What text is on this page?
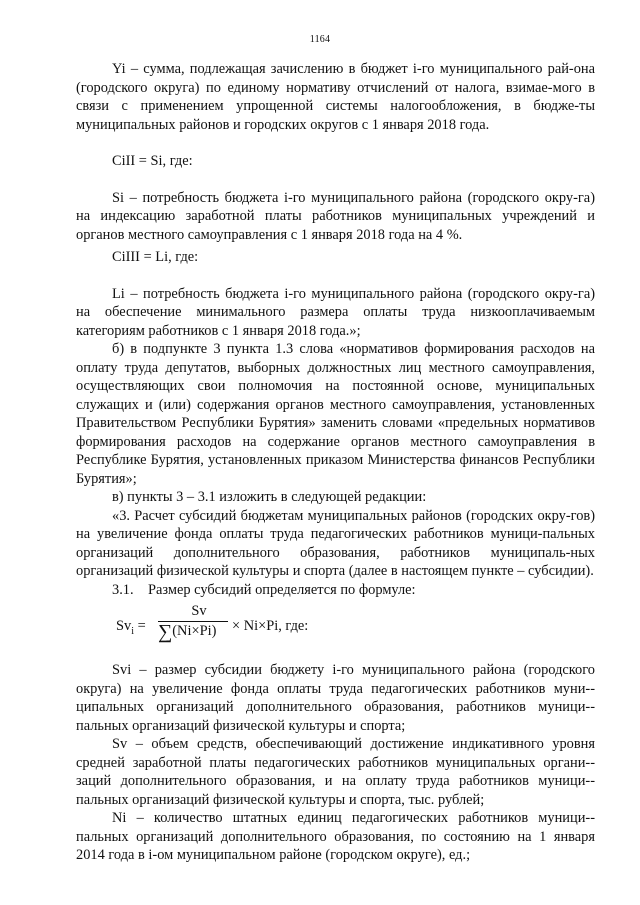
1164

Yi – сумма, подлежащая зачислению в бюджет i-го муниципального рай-она (городского округа) по единому нормативу отчислений от налога, взимае-мого в связи с применением упрощенной системы налогообложения, в бюдже-ты муниципальных районов и городских округов с 1 января 2018 года.

CiII = Si, где:

Si – потребность бюджета i-го муниципального района (городского окру-га) на индексацию заработной платы работников муниципальных учреждений и органов местного самоуправления с 1 января 2018 года на 4 %.

CiIII = Li, где:

Li – потребность бюджета i-го муниципального района (городского окру-га) на обеспечение минимального размера оплаты труда низкооплачиваемым категориям работников с 1 января 2018 года.»;

б) в подпункте 3 пункта 1.3 слова «нормативов формирования расходов на оплату труда депутатов, выборных должностных лиц местного самоуправления, осуществляющих свои полномочия на постоянной основе, муниципальных служащих и (или) содержания органов местного самоуправления, установленных Правительством Республики Бурятия» заменить словами «предельных нормативов формирования расходов на содержание органов местного самоуправления в Республике Бурятия, установленных приказом Министерства финансов Республики Бурятия»;

в) пункты 3 – 3.1 изложить в следующей редакции:

«3. Расчет субсидий бюджетам муниципальных районов (городских окру-гов) на увеличение фонда оплаты труда педагогических работников муници-пальных организаций дополнительного образования, работников муниципаль-ных организаций физической культуры и спорта (далее в настоящем пункте – субсидии).

3.1.    Размер субсидий определяется по формуле:

$Sv_i$ =
Sv
∑(Ni×Pi)	× Ni×Pi, где:

Svi – размер субсидии бюджету i-го муниципального района (городского округа) на увеличение фонда оплаты труда педагогических работников муни-ципальных организаций дополнительного образования, работников муници-пальных организаций физической культуры и спорта;

Sv – объем средств, обеспечивающий достижение индикативного уровня средней заработной платы педагогических работников муниципальных органи-заций дополнительного образования, и на оплату труда работников муници-пальных организаций физической культуры и спорта, тыс. рублей;

Ni – количество штатных единиц педагогических работников муници-пальных организаций дополнительного образования, по состоянию на 1 января 2014 года в i-ом муниципальном районе (городском округе), ед.;
